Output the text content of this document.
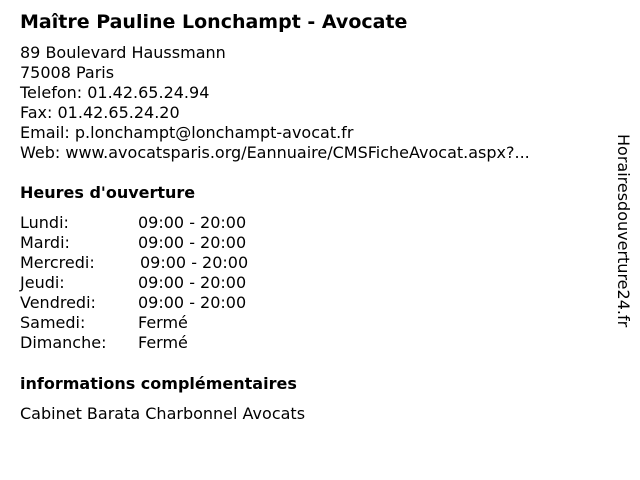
Maître Pauline Lonchampt - Avocate
89 Boulevard Haussmann
75008 Paris
Telefon: 01.42.65.24.94
Fax: 01.42.65.24.20
Email: p.lonchampt@lonchampt-avocat.fr
Web: www.avocatsparis.org/Eannuaire/CMSFicheAvocat.aspx?...
Heures d'ouverture
Lundi:	09:00 - 20:00
Mardi:	09:00 - 20:00
Mercredi:	09:00 - 20:00
Jeudi:	09:00 - 20:00
Vendredi:	09:00 - 20:00
Samedi:	Fermé
Dimanche: Fermé
informations complémentaires
Cabinet Barata Charbonnel Avocats
Horairesdouverture24.fr
